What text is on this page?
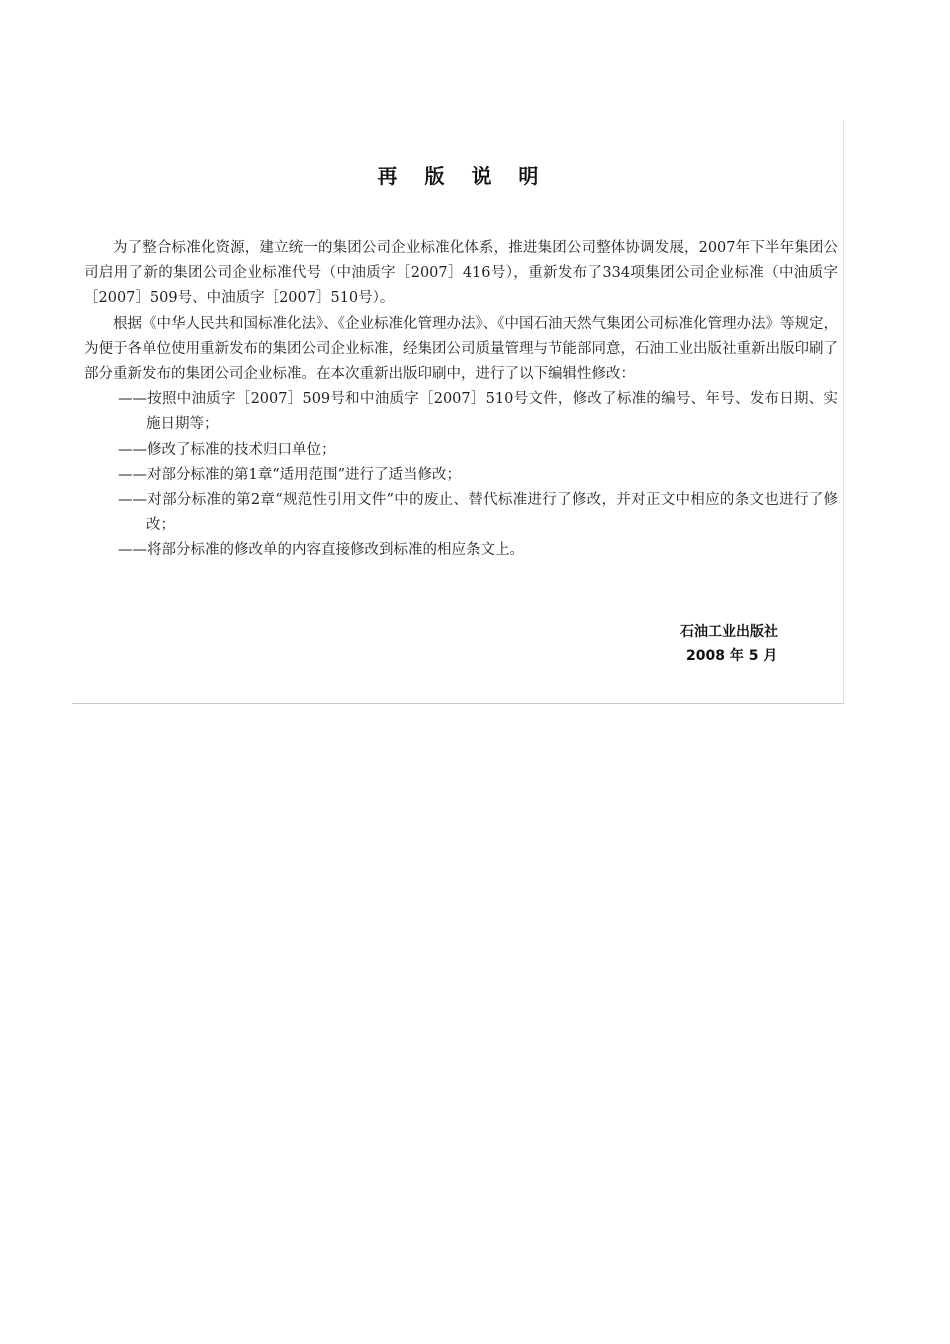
再 版 说 明

为了整合标准化资源，建立统一的集团公司企业标准化体系，推进集团公司整体协调发展，2007年下半年集团公司启用了新的集团公司企业标准代号（中油质字［2007］416号），重新发布了334项集团公司企业标准（中油质字［2007］509号、中油质字［2007］510号）。

根据《中华人民共和国标准化法》、《企业标准化管理办法》、《中国石油天然气集团公司标准化管理办法》等规定，为便于各单位使用重新发布的集团公司企业标准，经集团公司质量管理与节能部同意，石油工业出版社重新出版印刷了部分重新发布的集团公司企业标准。在本次重新出版印刷中，进行了以下编辑性修改：

——按照中油质字［2007］509号和中油质字［2007］510号文件，修改了标准的编号、年号、发布日期、实施日期等；

——修改了标准的技术归口单位；

——对部分标准的第1章“适用范围”进行了适当修改；

——对部分标准的第2章“规范性引用文件”中的废止、替代标准进行了修改，并对正文中相应的条文也进行了修改；

——将部分标准的修改单的内容直接修改到标准的相应条文上。

石油工业出版社
2008 年 5 月
